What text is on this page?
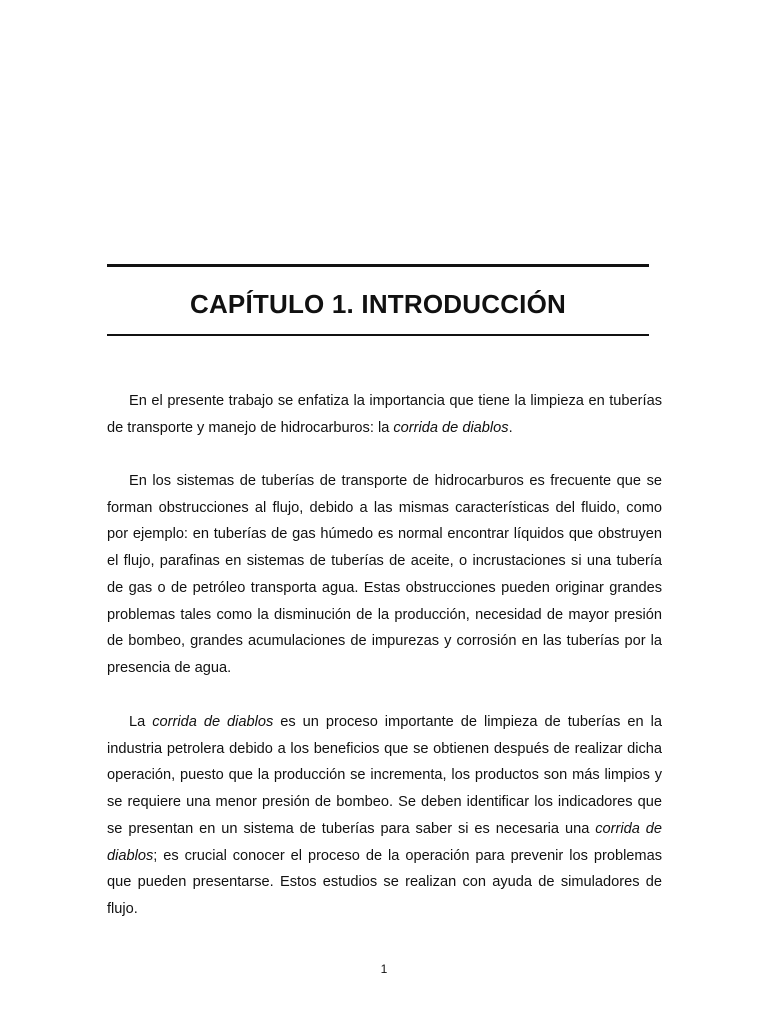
CAPÍTULO 1. INTRODUCCIÓN

En el presente trabajo se enfatiza la importancia que tiene la limpieza en tuberías de transporte y manejo de hidrocarburos: la corrida de diablos.

En los sistemas de tuberías de transporte de hidrocarburos es frecuente que se forman obstrucciones al flujo, debido a las mismas características del fluido, como por ejemplo: en tuberías de gas húmedo es normal encontrar líquidos que obstruyen el flujo, parafinas en sistemas de tuberías de aceite, o incrustaciones si una tubería de gas o de petróleo transporta agua. Estas obstrucciones pueden originar grandes problemas tales como la disminución de la producción, necesidad de mayor presión de bombeo, grandes acumulaciones de impurezas y corrosión en las tuberías por la presencia de agua.

La corrida de diablos es un proceso importante de limpieza de tuberías en la industria petrolera debido a los beneficios que se obtienen después de realizar dicha operación, puesto que la producción se incrementa, los productos son más limpios y se requiere una menor presión de bombeo. Se deben identificar los indicadores que se presentan en un sistema de tuberías para saber si es necesaria una corrida de diablos; es crucial conocer el proceso de la operación para prevenir los problemas que pueden presentarse. Estos estudios se realizan con ayuda de simuladores de flujo.

1
